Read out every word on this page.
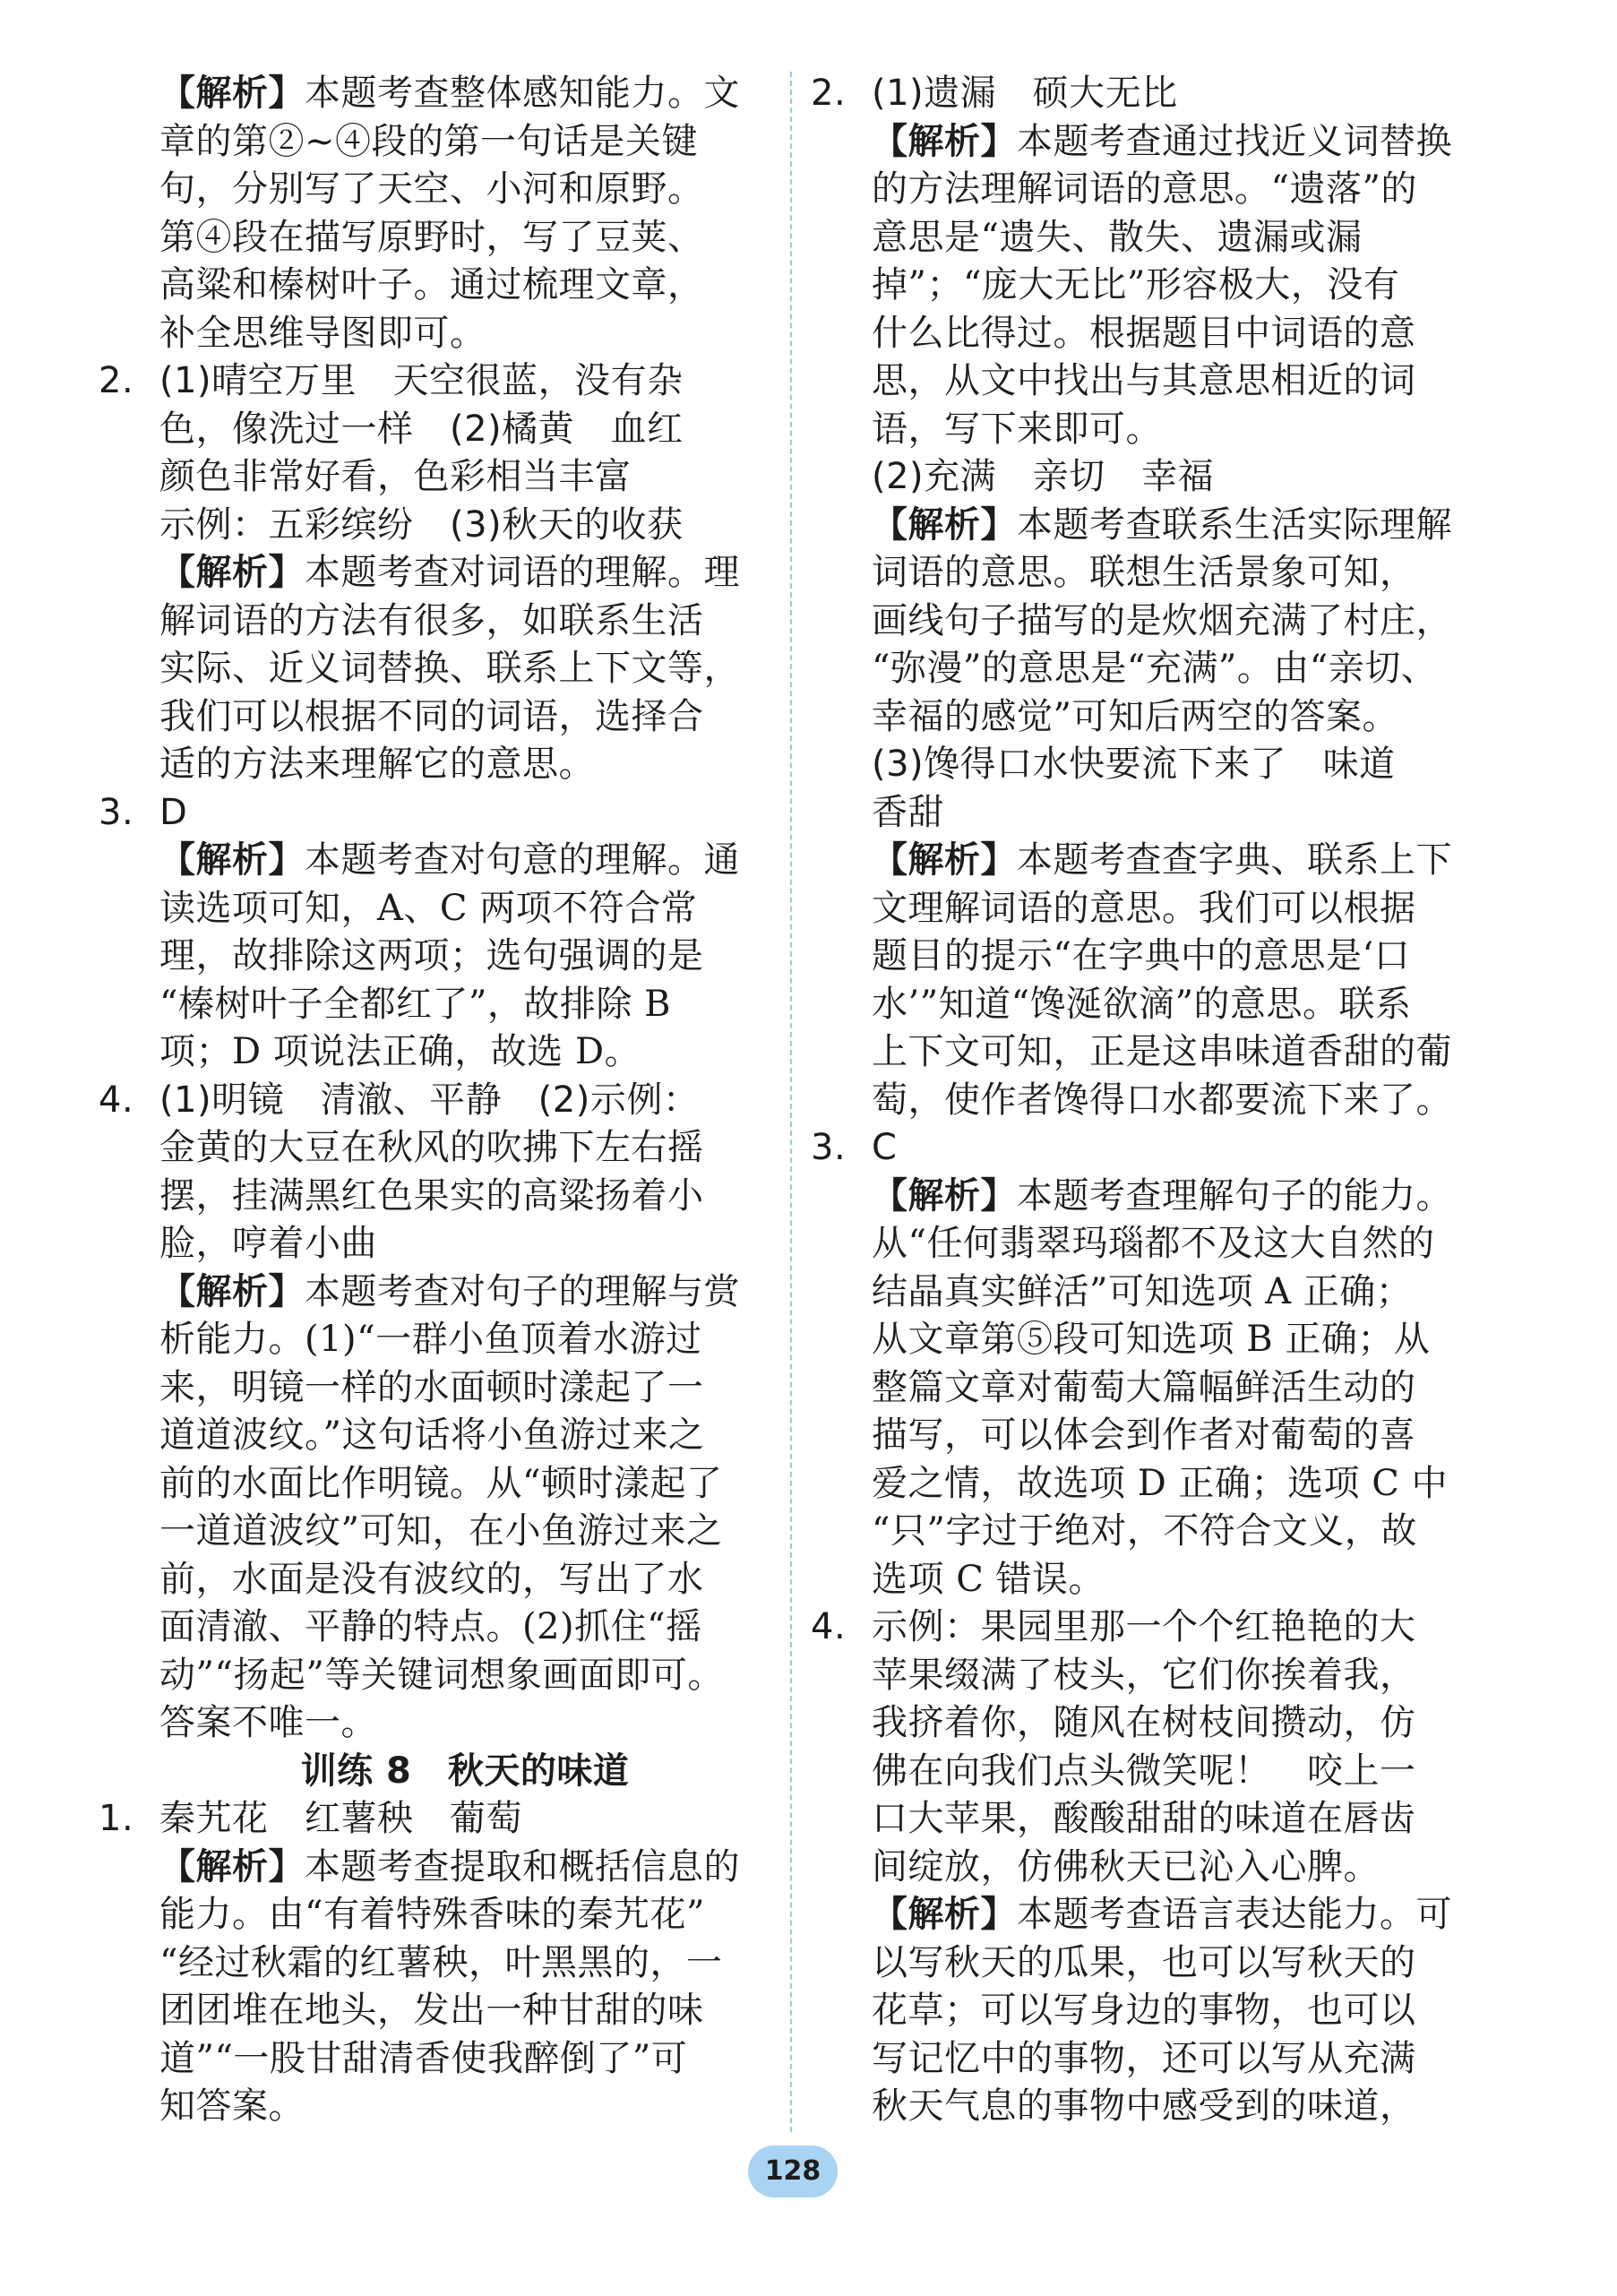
【解析】本题考查整体感知能力。文
章的第②~④段的第一句话是关键
句，分别写了天空、小河和原野。
第④段在描写原野时，写了豆荚、
高粱和榛树叶子。通过梳理文章，
补全思维导图即可。
2. (1)晴空万里　天空很蓝，没有杂
色，像洗过一样　(2)橘黄　血红
颜色非常好看，色彩相当丰富
示例：五彩缤纷　(3)秋天的收获
【解析】本题考查对词语的理解。理
解词语的方法有很多，如联系生活
实际、近义词替换、联系上下文等，
我们可以根据不同的词语，选择合
适的方法来理解它的意思。
3. D
【解析】本题考查对句意的理解。通
读选项可知，A、C 两项不符合常
理，故排除这两项；选句强调的是
“榛树叶子全都红了”，故排除 B
项；D 项说法正确，故选 D。
4. (1)明镜　清澈、平静　(2)示例：
金黄的大豆在秋风的吹拂下左右摇
摆，挂满黑红色果实的高粱扬着小
脸，哼着小曲
【解析】本题考查对句子的理解与赏
析能力。(1)“一群小鱼顶着水游过
来，明镜一样的水面顿时漾起了一
道道波纹。”这句话将小鱼游过来之
前的水面比作明镜。从“顿时漾起了
一道道波纹”可知，在小鱼游过来之
前，水面是没有波纹的，写出了水
面清澈、平静的特点。(2)抓住“摇
动”“扬起”等关键词想象画面即可。
答案不唯一。
训练 8　秋天的味道
1. 秦艽花　红薯秧　葡萄
【解析】本题考查提取和概括信息的
能力。由“有着特殊香味的秦艽花”
“经过秋霜的红薯秧，叶黑黑的，一
团团堆在地头，发出一种甘甜的味
道”“一股甘甜清香使我醉倒了”可
知答案。
2. (1)遗漏　硕大无比
【解析】本题考查通过找近义词替换
的方法理解词语的意思。“遗落”的
意思是“遗失、散失、遗漏或漏
掉”；“庞大无比”形容极大，没有
什么比得过。根据题目中词语的意
思，从文中找出与其意思相近的词
语，写下来即可。
(2)充满　亲切　幸福
【解析】本题考查联系生活实际理解
词语的意思。联想生活景象可知，
画线句子描写的是炊烟充满了村庄，
“弥漫”的意思是“充满”。由“亲切、
幸福的感觉”可知后两空的答案。
(3)馋得口水快要流下来了　味道
香甜
【解析】本题考查查字典、联系上下
文理解词语的意思。我们可以根据
题目的提示“在字典中的意思是‘口
水’”知道“馋涎欲滴”的意思。联系
上下文可知，正是这串味道香甜的葡
萄，使作者馋得口水都要流下来了。
3. C
【解析】本题考查理解句子的能力。
从“任何翡翠玛瑙都不及这大自然的
结晶真实鲜活”可知选项 A 正确；
从文章第⑤段可知选项 B 正确；从
整篇文章对葡萄大篇幅鲜活生动的
描写，可以体会到作者对葡萄的喜
爱之情，故选项 D 正确；选项 C 中
“只”字过于绝对，不符合文义，故
选项 C 错误。
4. 示例：果园里那一个个红艳艳的大
苹果缀满了枝头，它们你挨着我，
我挤着你，随风在树枝间攒动，仿
佛在向我们点头微笑呢！　咬上一
口大苹果，酸酸甜甜的味道在唇齿
间绽放，仿佛秋天已沁入心脾。
【解析】本题考查语言表达能力。可
以写秋天的瓜果，也可以写秋天的
花草；可以写身边的事物，也可以
写记忆中的事物，还可以写从充满
秋天气息的事物中感受到的味道，
128
